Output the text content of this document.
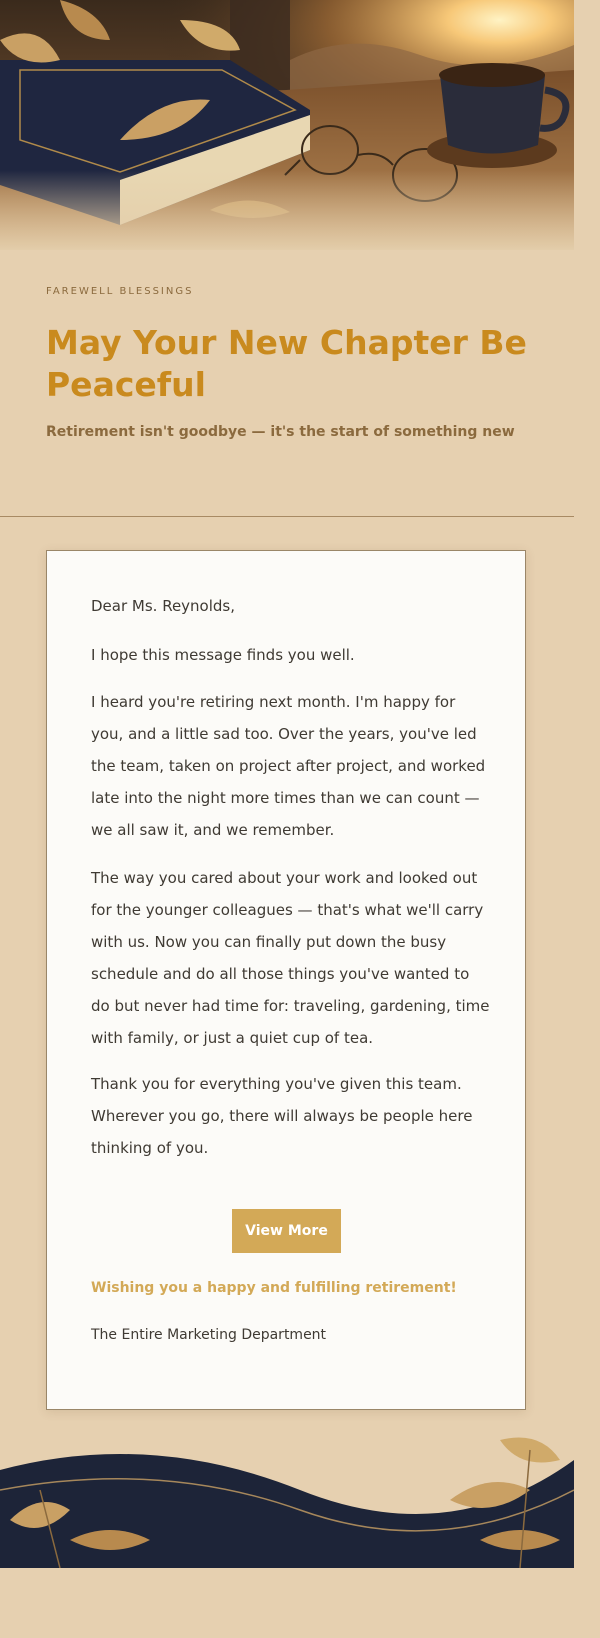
FAREWELL BLESSINGS
May Your New Chapter Be Peaceful
Retirement isn't goodbye — it's the start of something new

Dear Ms. Reynolds,

I hope this message finds you well.

I heard you're retiring next month. I'm happy for you, and a little sad too. Over the years, you've led the team, taken on project after project, and worked late into the night more times than we can count — we all saw it, and we remember.

The way you cared about your work and looked out for the younger colleagues — that's what we'll carry with us. Now you can finally put down the busy schedule and do all those things you've wanted to do but never had time for: traveling, gardening, time with family, or just a quiet cup of tea.

Thank you for everything you've given this team. Wherever you go, there will always be people here thinking of you.

View More
Wishing you a happy and fulfilling retirement!
The Entire Marketing Department
